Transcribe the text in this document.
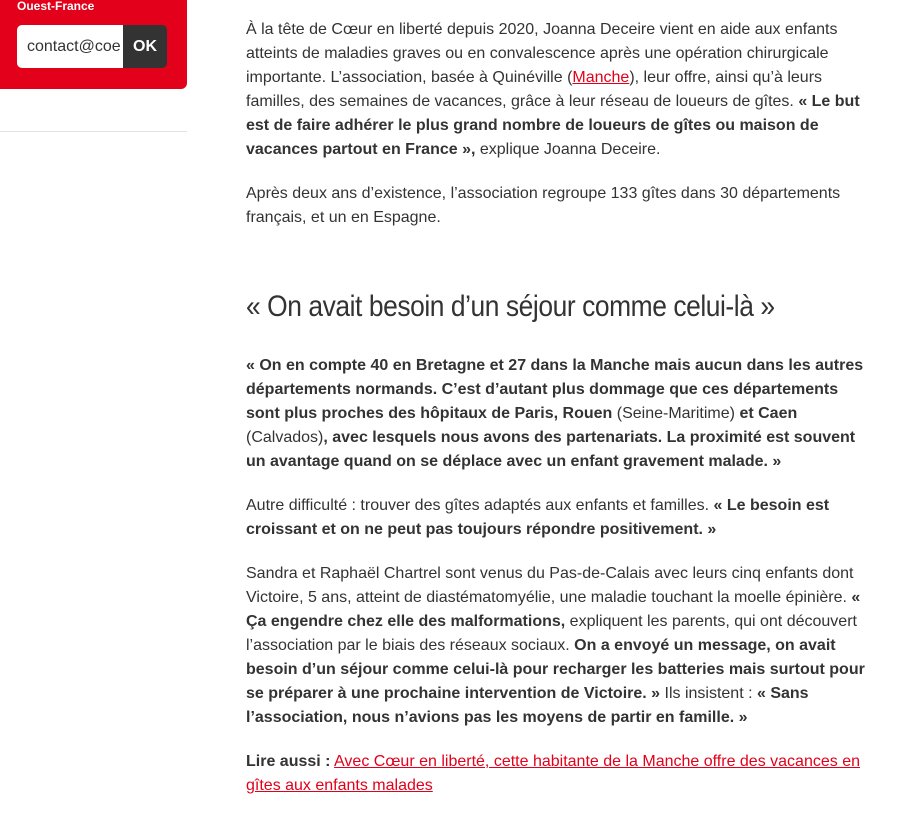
Ouest-France
contact@coe
OK

À la tête de Cœur en liberté depuis 2020, Joanna Deceire vient en aide aux enfants atteints de maladies graves ou en convalescence après une opération chirurgicale importante. L’association, basée à Quinéville (Manche), leur offre, ainsi qu’à leurs familles, des semaines de vacances, grâce à leur réseau de loueurs de gîtes. « Le but est de faire adhérer le plus grand nombre de loueurs de gîtes ou maison de vacances partout en France », explique Joanna Deceire.

Après deux ans d’existence, l’association regroupe 133 gîtes dans 30 départements français, et un en Espagne.

« On avait besoin d’un séjour comme celui-là »

« On en compte 40 en Bretagne et 27 dans la Manche mais aucun dans les autres départements normands. C’est d’autant plus dommage que ces départements sont plus proches des hôpitaux de Paris, Rouen (Seine-Maritime) et Caen (Calvados), avec lesquels nous avons des partenariats. La proximité est souvent un avantage quand on se déplace avec un enfant gravement malade. »

Autre difficulté : trouver des gîtes adaptés aux enfants et familles. « Le besoin est croissant et on ne peut pas toujours répondre positivement. »

Sandra et Raphaël Chartrel sont venus du Pas-de-Calais avec leurs cinq enfants dont Victoire, 5 ans, atteint de diastématomyélie, une maladie touchant la moelle épinière. « Ça engendre chez elle des malformations, expliquent les parents, qui ont découvert l’association par le biais des réseaux sociaux. On a envoyé un message, on avait besoin d’un séjour comme celui-là pour recharger les batteries mais surtout pour se préparer à une prochaine intervention de Victoire. » Ils insistent : « Sans l’association, nous n’avions pas les moyens de partir en famille. »

Lire aussi : Avec Cœur en liberté, cette habitante de la Manche offre des vacances en gîtes aux enfants malades
